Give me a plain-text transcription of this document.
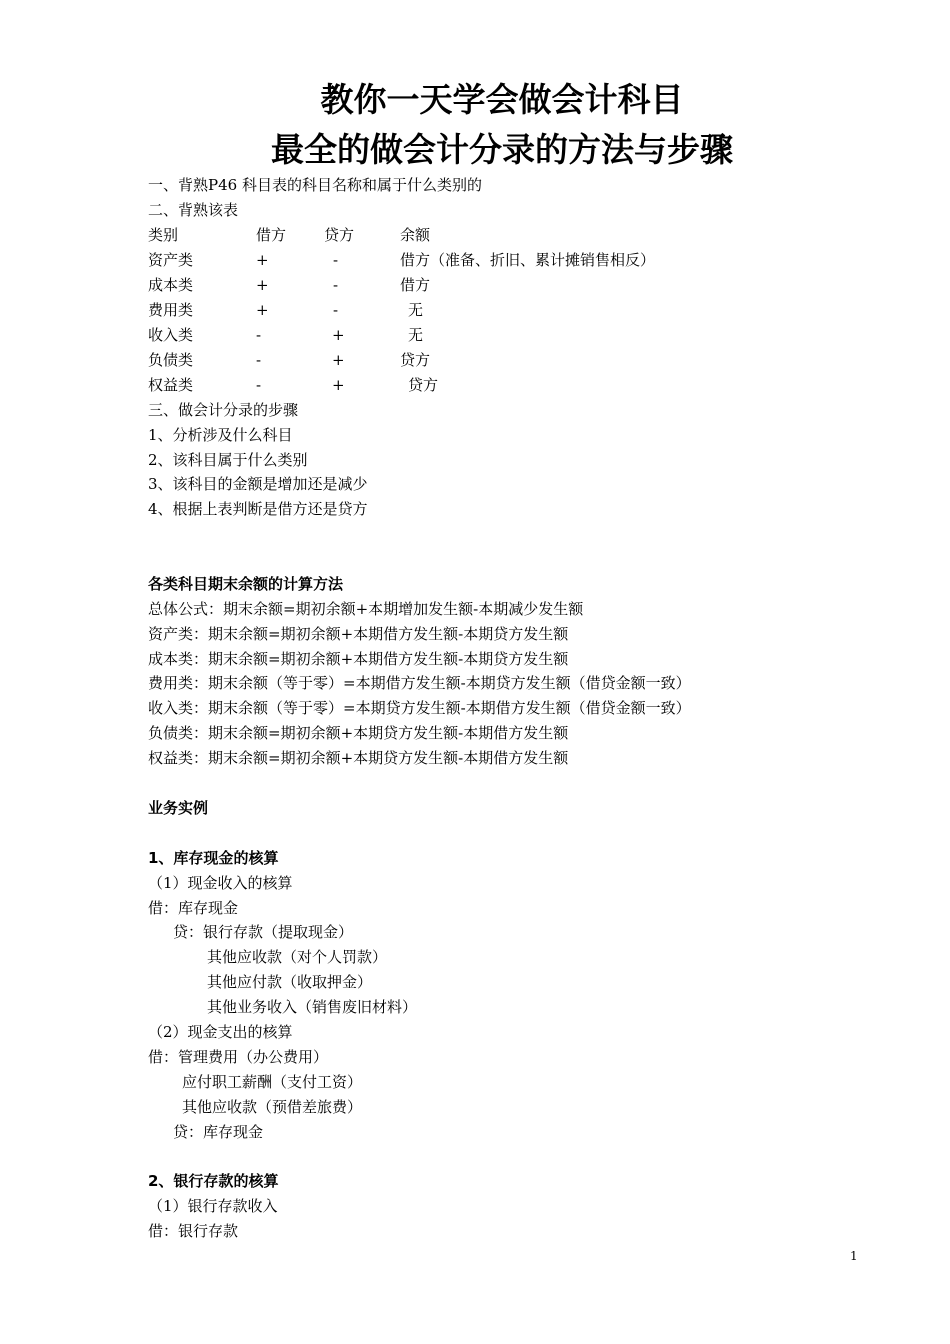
教你一天学会做会计科目
最全的做会计分录的方法与步骤

一、背熟P46 科目表的科目名称和属于什么类别的

二、背熟该表

类别	借方	贷方	余额
资产类	+	-	借方（准备、折旧、累计摊销售相反）
成本类	+	-	借方
费用类	+	-	无
收入类	-	+	无
负债类	-	+	贷方
权益类	-	+	贷方

三、做会计分录的步骤

1、分析涉及什么科目

2、该科目属于什么类别

3、该科目的金额是增加还是减少

4、根据上表判断是借方还是贷方

各类科目期末余额的计算方法

总体公式：期末余额=期初余额+本期增加发生额-本期减少发生额

资产类：期末余额=期初余额+本期借方发生额-本期贷方发生额

成本类：期末余额=期初余额+本期借方发生额-本期贷方发生额

费用类：期末余额（等于零）=本期借方发生额-本期贷方发生额（借贷金额一致）

收入类：期末余额（等于零）=本期贷方发生额-本期借方发生额（借贷金额一致）

负债类：期末余额=期初余额+本期贷方发生额-本期借方发生额

权益类：期末余额=期初余额+本期贷方发生额-本期借方发生额

业务实例

1、库存现金的核算

（1）现金收入的核算

借：库存现金

贷：银行存款（提取现金）

其他应收款（对个人罚款）

其他应付款（收取押金）

其他业务收入（销售废旧材料）

（2）现金支出的核算

借：管理费用（办公费用）

应付职工薪酬（支付工资）

其他应收款（预借差旅费）

贷：库存现金

2、银行存款的核算

（1）银行存款收入

借：银行存款

1
